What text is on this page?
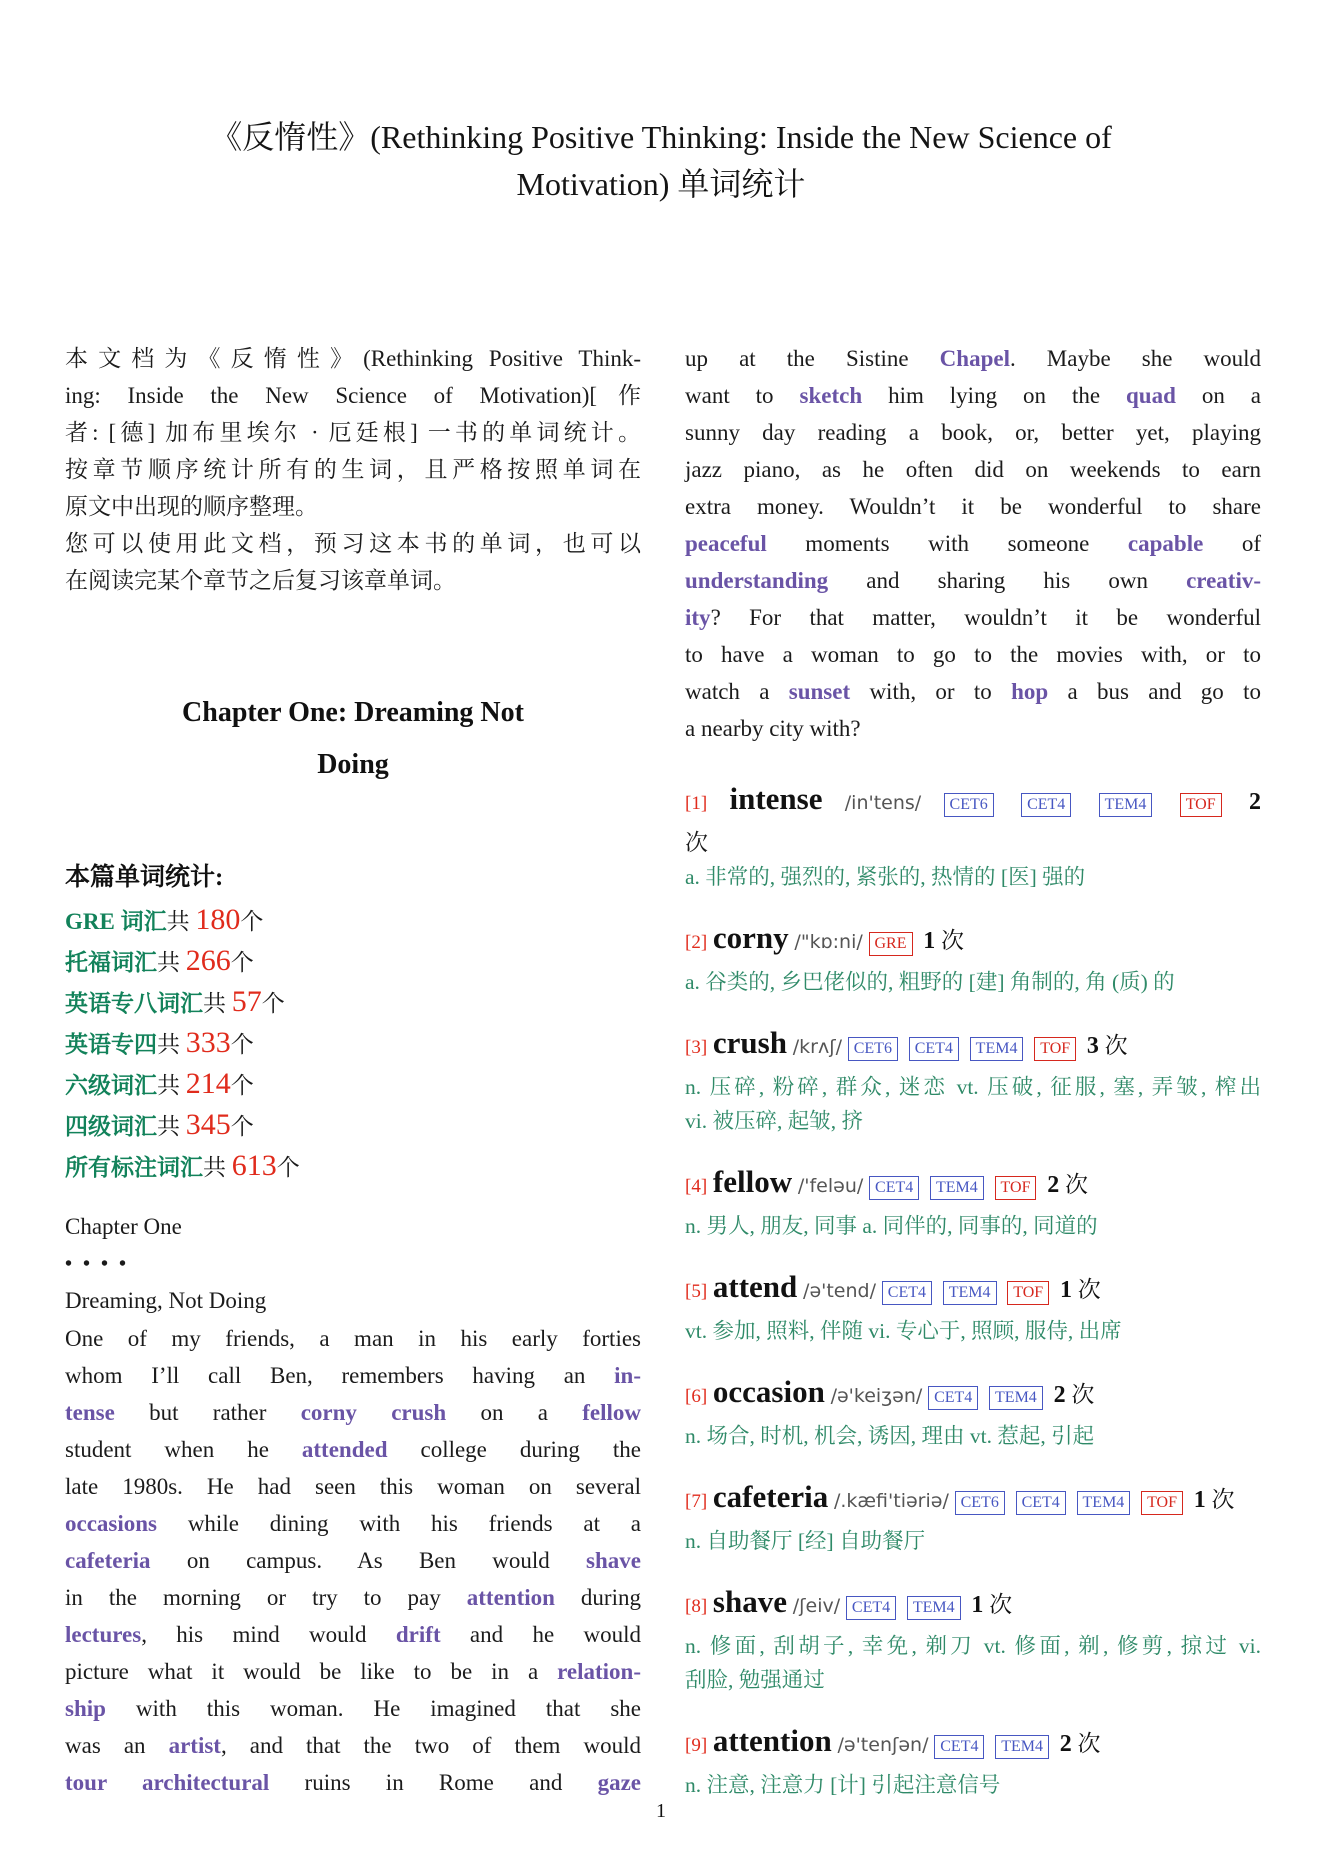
《反惰性》(Rethinking Positive Thinking: Inside the New Science of
Motivation) 单词统计
本文档为《反惰性》(Rethinking Positive Think-
ing: Inside the New Science of Motivation)[作
者: [德] 加布里埃尔 · 厄廷根] 一书的单词统计。
按章节顺序统计所有的生词，且严格按照单词在
原文中出现的顺序整理。
您可以使用此文档，预习这本书的单词，也可以
在阅读完某个章节之后复习该章单词。
Chapter One: Dreaming Not
Doing
本篇单词统计:
GRE 词汇共 180个
托福词汇共 266个
英语专八词汇共 57个
英语专四共 333个
六级词汇共 214个
四级词汇共 345个
所有标注词汇共 613个
Chapter One
••••
Dreaming, Not Doing
One of my friends, a man in his early forties
whom I’ll call Ben, remembers having an in-
tense but rather corny crush on a fellow
student when he attended college during the
late 1980s. He had seen this woman on several
occasions while dining with his friends at a
cafeteria on campus. As Ben would shave
in the morning or try to pay attention during
lectures, his mind would drift and he would
picture what it would be like to be in a relation-
ship with this woman. He imagined that she
was an artist, and that the two of them would
tour architectural ruins in Rome and gaze
up at the Sistine Chapel. Maybe she would
want to sketch him lying on the quad on a
sunny day reading a book, or, better yet, playing
jazz piano, as he often did on weekends to earn
extra money. Wouldn’t it be wonderful to share
peaceful moments with someone capable of
understanding and sharing his own creativ-
ity? For that matter, wouldn’t it be wonderful
to have a woman to go to the movies with, or to
watch a sunset with, or to hop a bus and go to
a nearby city with?
[1] intense /in'tens/	CET6	CET4	TEM4	TOF 2
次
a. 非常的, 强烈的, 紧张的, 热情的 [医] 强的
[2] corny /"kɒ:ni/ GRE 1 次
a. 谷类的, 乡巴佬似的, 粗野的 [建] 角制的, 角 (质) 的
[3] crush /krʌʃ/ CET6 CET4 TEM4 TOF 3 次
n. 压碎, 粉碎, 群众, 迷恋 vt. 压破, 征服, 塞, 弄皱, 榨出
vi. 被压碎, 起皱, 挤
[4] fellow /'feləu/ CET4 TEM4 TOF 2 次
n. 男人, 朋友, 同事 a. 同伴的, 同事的, 同道的
[5] attend /ə'tend/ CET4 TEM4 TOF 1 次
vt. 参加, 照料, 伴随 vi. 专心于, 照顾, 服侍, 出席
[6] occasion /ə'keiʒən/ CET4 TEM4 2 次
n. 场合, 时机, 机会, 诱因, 理由 vt. 惹起, 引起
[7] cafeteria /.kæfi'tiəriə/ CET6 CET4 TEM4 TOF 1 次
n. 自助餐厅 [经] 自助餐厅
[8] shave /ʃeiv/ CET4 TEM4 1 次
n. 修面, 刮胡子, 幸免, 剃刀 vt. 修面, 剃, 修剪, 掠过 vi.
刮脸, 勉强通过
[9] attention /ə'tenʃən/ CET4 TEM4 2 次
n. 注意, 注意力 [计] 引起注意信号
1
